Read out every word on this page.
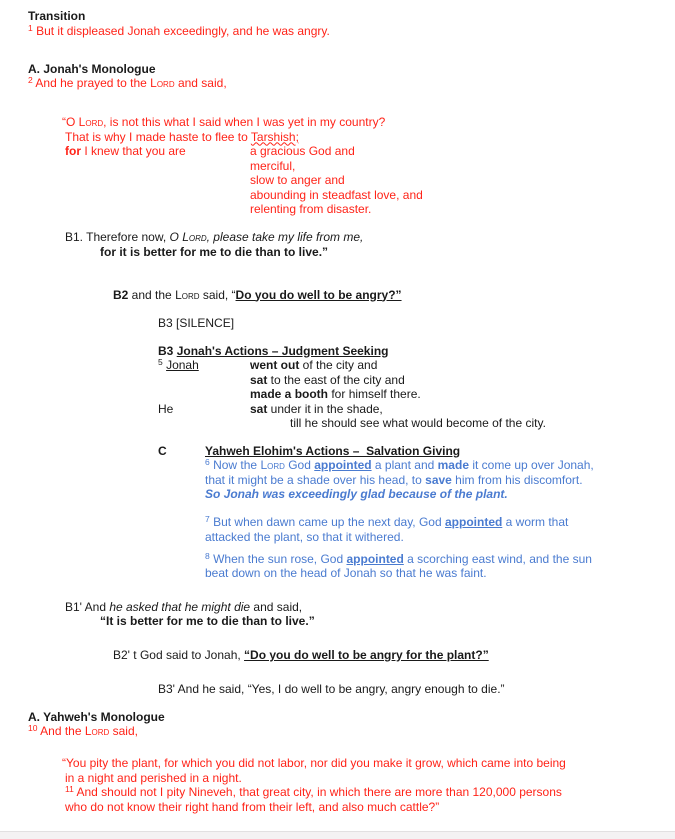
Transition
$^1$ But it displeased Jonah exceedingly, and he was angry.
A. Jonah's Monologue
$^2$ And he prayed to the Lord and said,
“O Lord, is not this what I said when I was yet in my country?
That is why I made haste to flee to Tarshish;
for I knew that you are	a gracious God and
merciful,
slow to anger and
abounding in steadfast love, and
relenting from disaster.
B1. Therefore now, O Lord, please take my life from me,
for it is better for me to die than to live.”
B2 and the Lord said, “Do you do well to be angry?”
B3 [SILENCE]
B3 Jonah's Actions – Judgment Seeking
$^5$ Jonah	went out of the city and
sat to the east of the city and
made a booth for himself there.
He	sat under it in the shade,
till he should see what would become of the city.
C	Yahweh Elohim's Actions –  Salvation Giving
$^6$ Now the Lord God appointed a plant and made it come up over Jonah,
that it might be a shade over his head, to save him from his discomfort.
So Jonah was exceedingly glad because of the plant.
$^7$ But when dawn came up the next day, God appointed a worm that
attacked the plant, so that it withered.
$^8$ When the sun rose, God appointed a scorching east wind, and the sun
beat down on the head of Jonah so that he was faint.
B1' And he asked that he might die and said,
“It is better for me to die than to live.”
B2' t God said to Jonah, “Do you do well to be angry for the plant?”
B3' And he said, “Yes, I do well to be angry, angry enough to die.”
A. Yahweh's Monologue
$^{10}$ And the Lord said,
“You pity the plant, for which you did not labor, nor did you make it grow, which came into being
in a night and perished in a night.
$^{11}$ And should not I pity Nineveh, that great city, in which there are more than 120,000 persons
who do not know their right hand from their left, and also much cattle?”
